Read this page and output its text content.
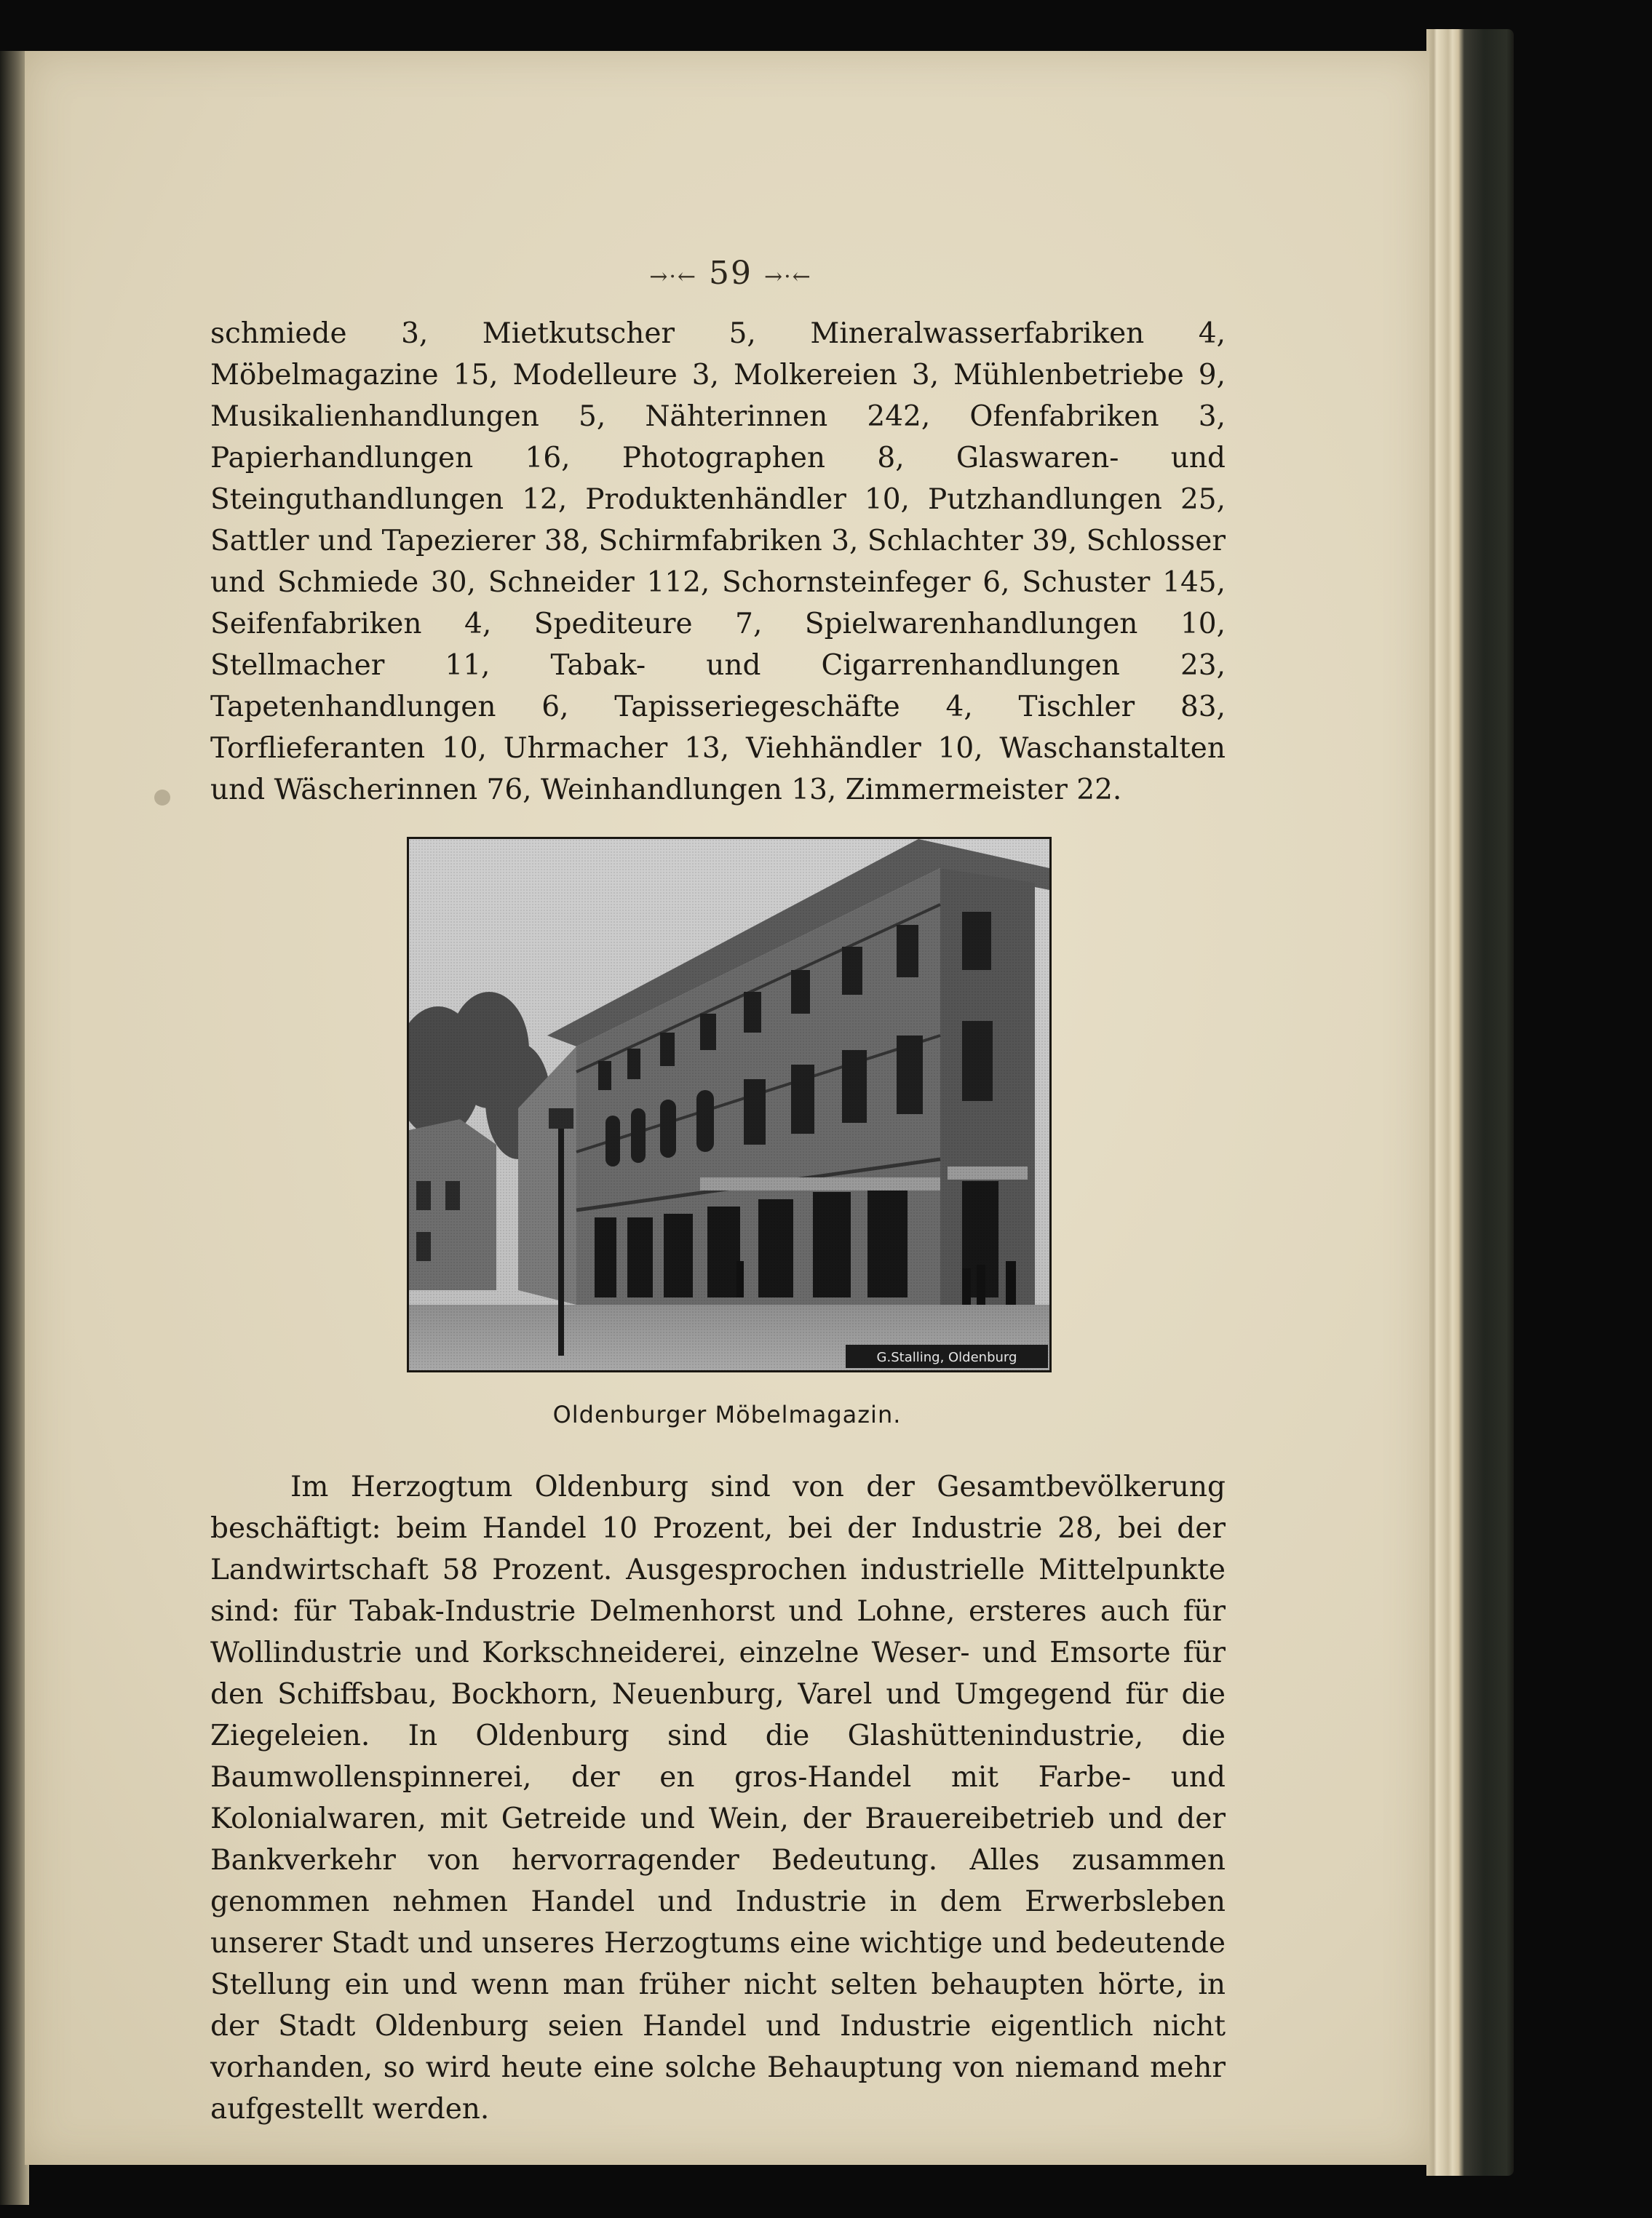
→·← 59 →·←
schmiede 3, Mietkutscher 5, Mineralwasserfabriken 4, Möbelmagazine 15, Modelleure 3, Molkereien 3, Mühlenbetriebe 9, Musikalienhandlungen 5, Nähterinnen 242, Ofenfabriken 3, Papierhandlungen 16, Photographen 8, Glaswaren- und Steinguthandlungen 12, Produktenhändler 10, Putzhandlungen 25, Sattler und Tapezierer 38, Schirmfabriken 3, Schlachter 39, Schlosser und Schmiede 30, Schneider 112, Schornsteinfeger 6, Schuster 145, Seifenfabriken 4, Spediteure 7, Spielwarenhandlungen 10, Stellmacher 11, Tabak- und Cigarrenhandlungen 23, Tapetenhandlungen 6, Tapisseriegeschäfte 4, Tischler 83, Torflieferanten 10, Uhrmacher 13, Viehhändler 10, Waschanstalten und Wäscherinnen 76, Weinhandlungen 13, Zimmermeister 22.
G.Stalling, Oldenburg
Oldenburger Möbelmagazin.
Im Herzogtum Oldenburg sind von der Gesamtbevölkerung beschäftigt: beim Handel 10 Prozent, bei der Industrie 28, bei der Landwirtschaft 58 Prozent. Ausgesprochen industrielle Mittelpunkte sind: für Tabak-Industrie Delmenhorst und Lohne, ersteres auch für Wollindustrie und Korkschneiderei, einzelne Weser- und Emsorte für den Schiffsbau, Bockhorn, Neuenburg, Varel und Umgegend für die Ziegeleien. In Oldenburg sind die Glashüttenindustrie, die Baumwollenspinnerei, der en gros-Handel mit Farbe- und Kolonialwaren, mit Getreide und Wein, der Brauereibetrieb und der Bankverkehr von hervorragender Bedeutung. Alles zusammen genommen nehmen Handel und Industrie in dem Erwerbsleben unserer Stadt und unseres Herzogtums eine wichtige und bedeutende Stellung ein und wenn man früher nicht selten behaupten hörte, in der Stadt Oldenburg seien Handel und Industrie eigentlich nicht vorhanden, so wird heute eine solche Behauptung von niemand mehr aufgestellt werden.
